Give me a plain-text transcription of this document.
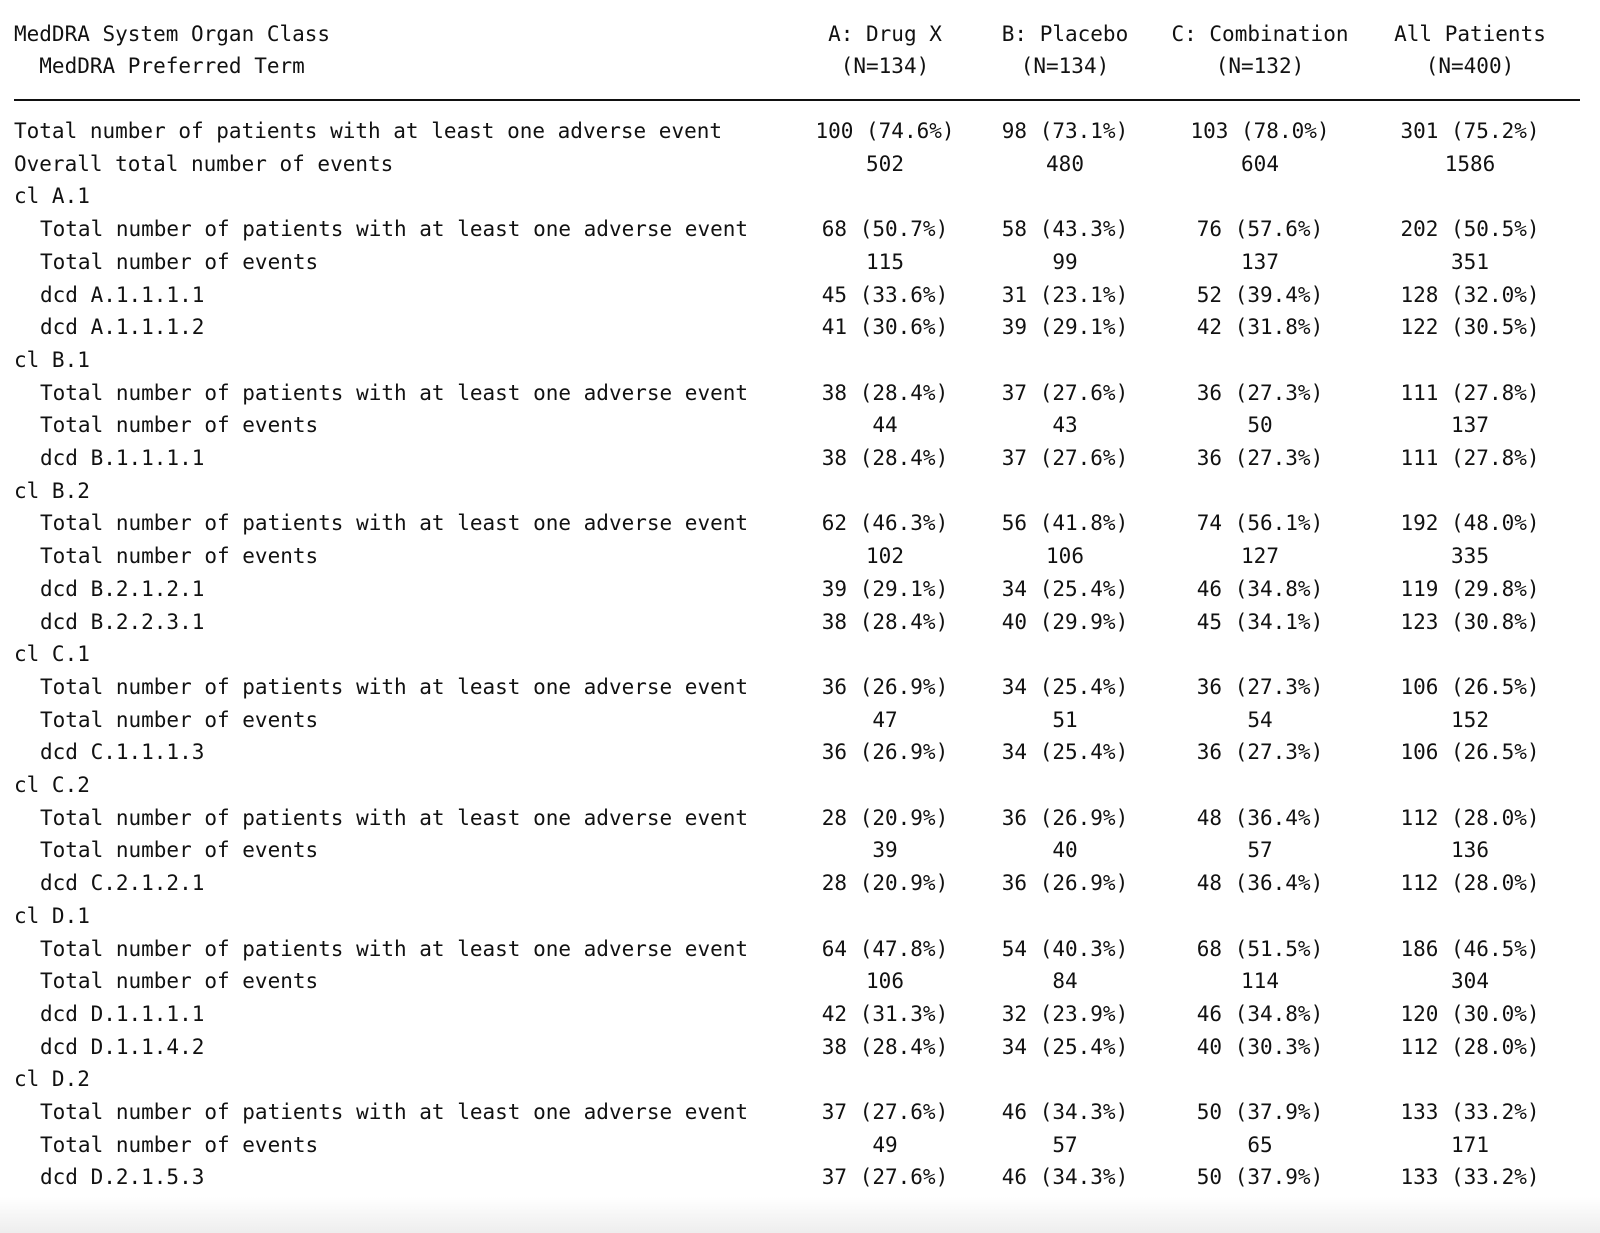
MedDRA System Organ Class	A: Drug X	B: Placebo	C: Combination	All Patients
MedDRA Preferred Term	(N=134)	(N=134)	(N=132)	(N=400)
Total number of patients with at least one adverse event	100 (74.6%)	98 (73.1%)	103 (78.0%)	301 (75.2%)
Overall total number of events	502	480	604	1586
cl A.1
Total number of patients with at least one adverse event	68 (50.7%)	58 (43.3%)	76 (57.6%)	202 (50.5%)
Total number of events	115	99	137	351
dcd A.1.1.1.1	45 (33.6%)	31 (23.1%)	52 (39.4%)	128 (32.0%)
dcd A.1.1.1.2	41 (30.6%)	39 (29.1%)	42 (31.8%)	122 (30.5%)
cl B.1
Total number of patients with at least one adverse event	38 (28.4%)	37 (27.6%)	36 (27.3%)	111 (27.8%)
Total number of events	44	43	50	137
dcd B.1.1.1.1	38 (28.4%)	37 (27.6%)	36 (27.3%)	111 (27.8%)
cl B.2
Total number of patients with at least one adverse event	62 (46.3%)	56 (41.8%)	74 (56.1%)	192 (48.0%)
Total number of events	102	106	127	335
dcd B.2.1.2.1	39 (29.1%)	34 (25.4%)	46 (34.8%)	119 (29.8%)
dcd B.2.2.3.1	38 (28.4%)	40 (29.9%)	45 (34.1%)	123 (30.8%)
cl C.1
Total number of patients with at least one adverse event	36 (26.9%)	34 (25.4%)	36 (27.3%)	106 (26.5%)
Total number of events	47	51	54	152
dcd C.1.1.1.3	36 (26.9%)	34 (25.4%)	36 (27.3%)	106 (26.5%)
cl C.2
Total number of patients with at least one adverse event	28 (20.9%)	36 (26.9%)	48 (36.4%)	112 (28.0%)
Total number of events	39	40	57	136
dcd C.2.1.2.1	28 (20.9%)	36 (26.9%)	48 (36.4%)	112 (28.0%)
cl D.1
Total number of patients with at least one adverse event	64 (47.8%)	54 (40.3%)	68 (51.5%)	186 (46.5%)
Total number of events	106	84	114	304
dcd D.1.1.1.1	42 (31.3%)	32 (23.9%)	46 (34.8%)	120 (30.0%)
dcd D.1.1.4.2	38 (28.4%)	34 (25.4%)	40 (30.3%)	112 (28.0%)
cl D.2
Total number of patients with at least one adverse event	37 (27.6%)	46 (34.3%)	50 (37.9%)	133 (33.2%)
Total number of events	49	57	65	171
dcd D.2.1.5.3	37 (27.6%)	46 (34.3%)	50 (37.9%)	133 (33.2%)
